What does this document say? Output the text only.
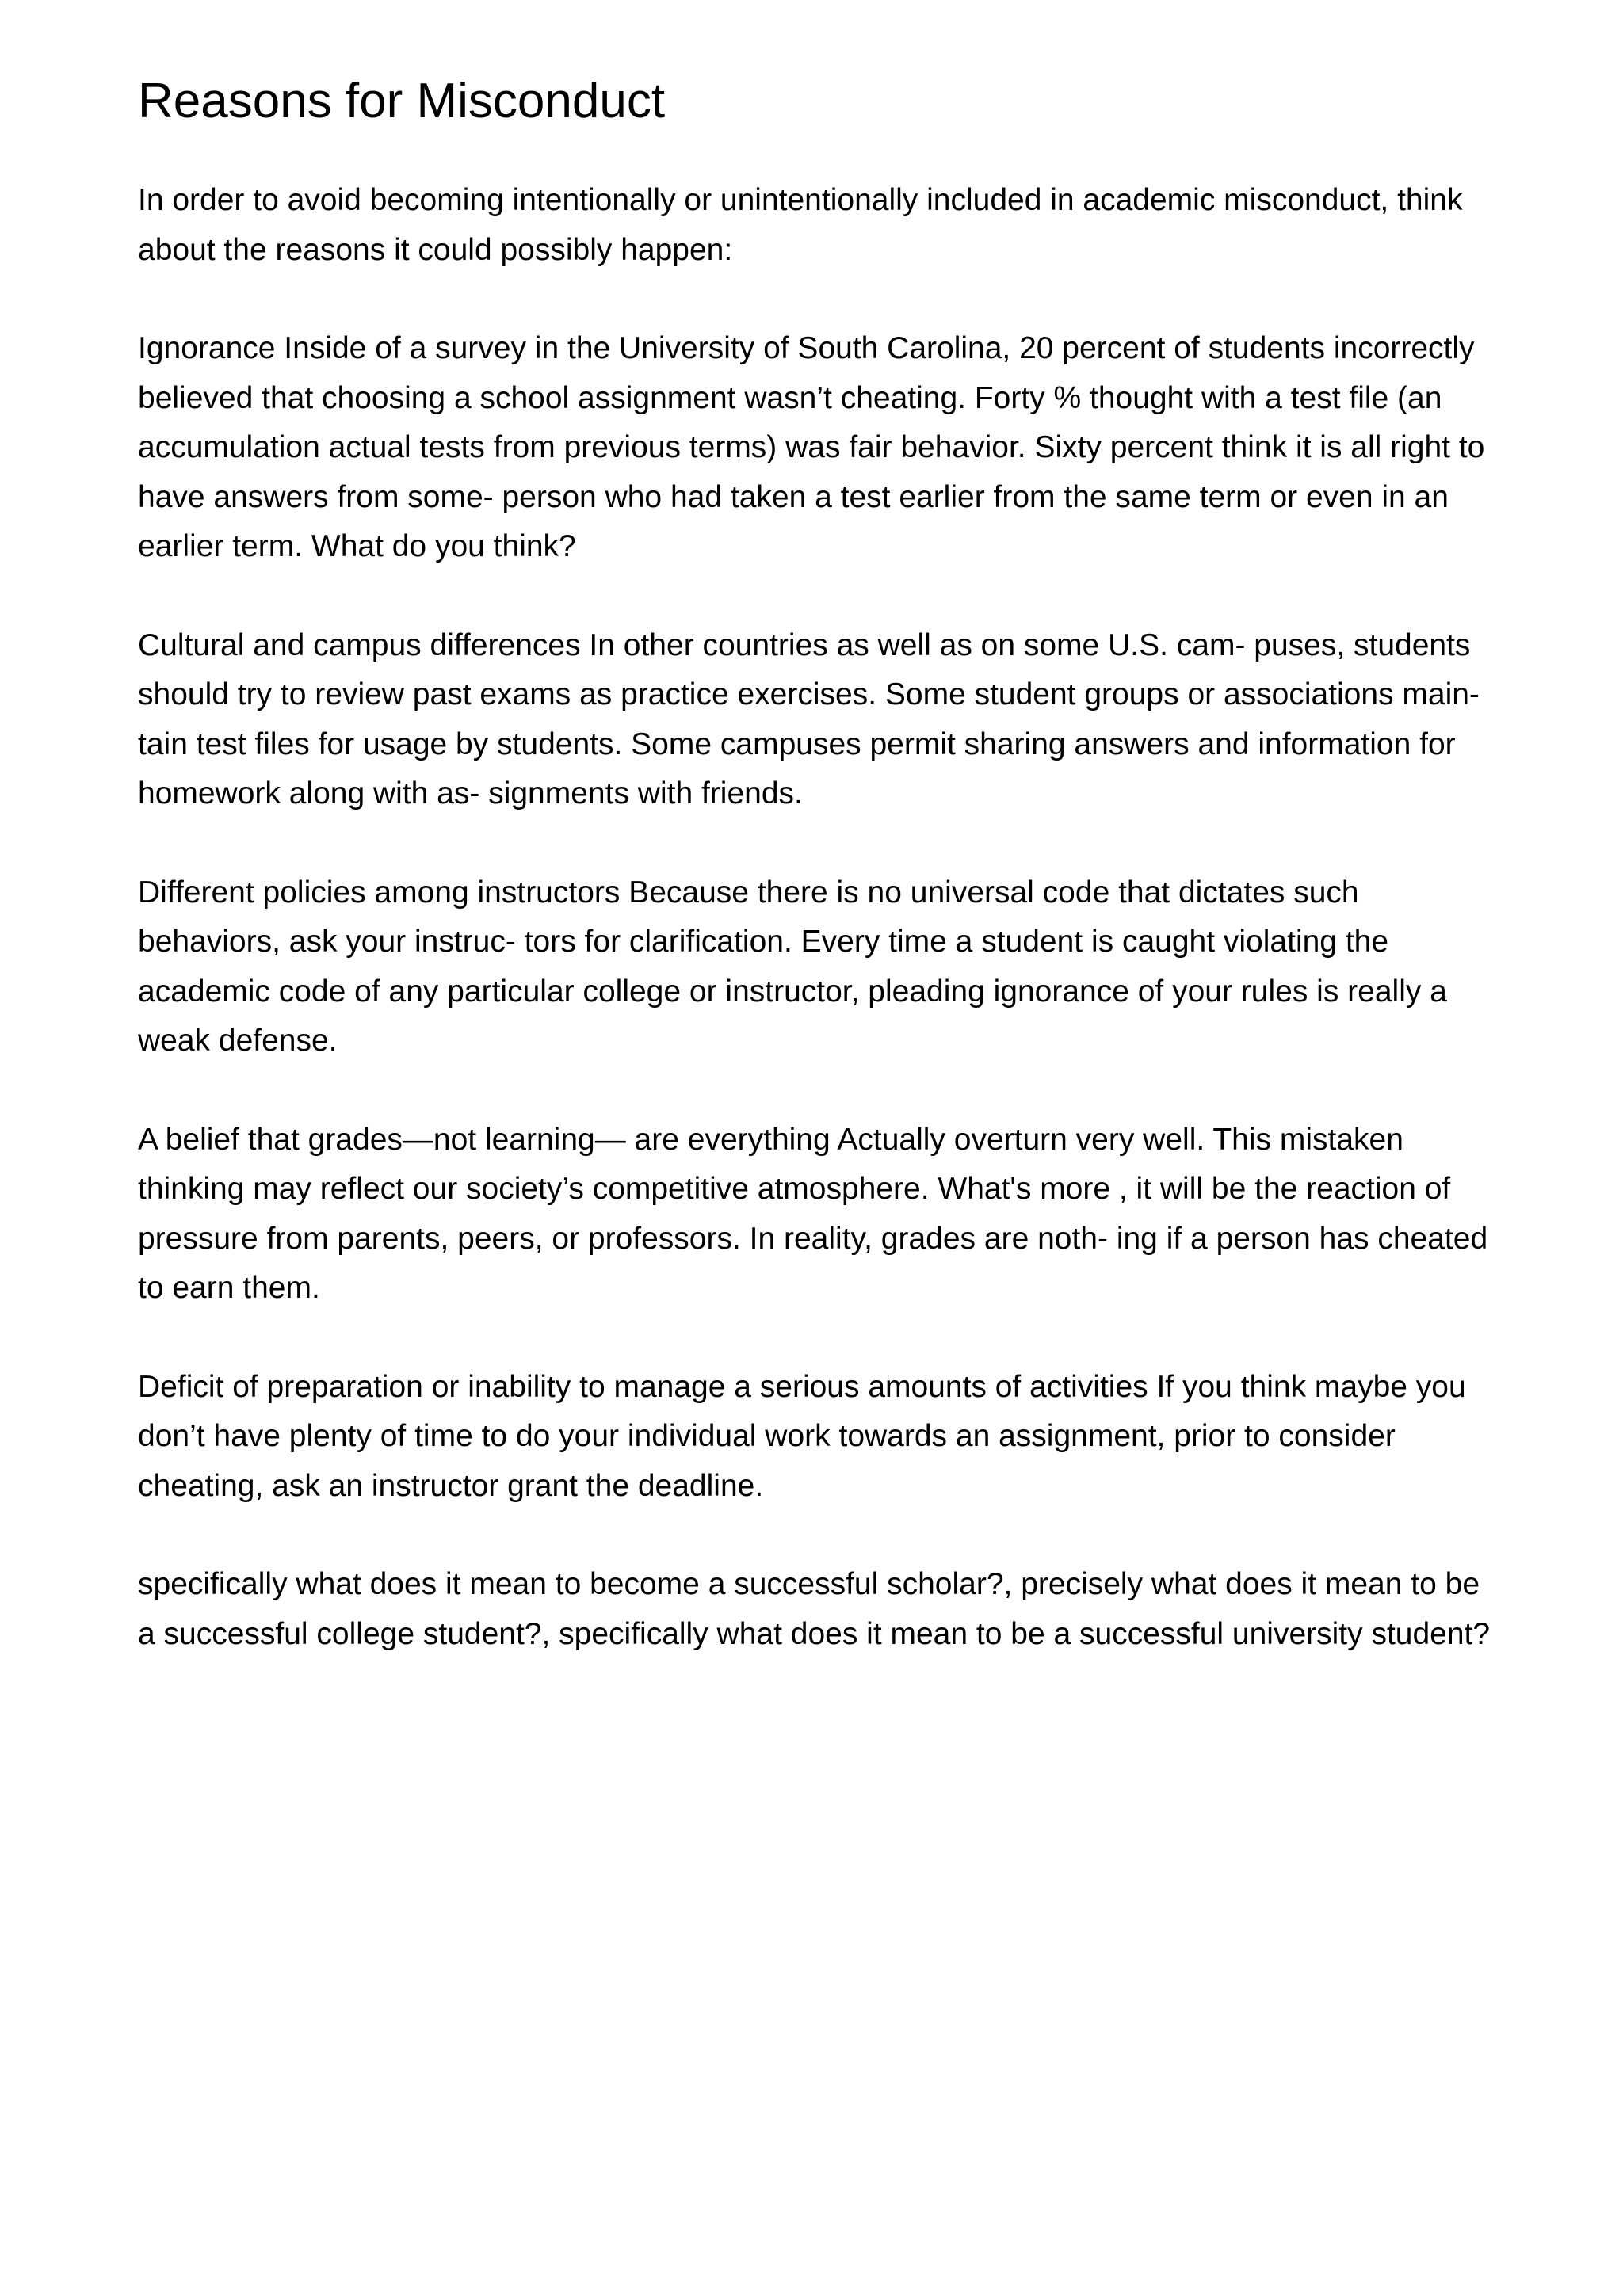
Reasons for Misconduct

In order to avoid becoming intentionally or unintentionally included in academic misconduct, think about the reasons it could possibly happen:

Ignorance Inside of a survey in the University of South Carolina, 20 percent of students incorrectly believed that choosing a school assignment wasn’t cheating. Forty % thought with a test file (an accumulation actual tests from previous terms) was fair behavior. Sixty percent think it is all right to have answers from some- person who had taken a test earlier from the same term or even in an earlier term. What do you think?

Cultural and campus differences In other countries as well as on some U.S. cam- puses, students should try to review past exams as practice exercises. Some student groups or associations main- tain test files for usage by students. Some campuses permit sharing answers and information for homework along with as- signments with friends.

Different policies among instructors Because there is no universal code that dictates such behaviors, ask your instruc- tors for clarification. Every time a student is caught violating the academic code of any particular college or instructor, pleading ignorance of your rules is really a weak defense.

A belief that grades—not learning— are everything Actually overturn very well. This mistaken thinking may reflect our society’s competitive atmosphere. What's more , it will be the reaction of pressure from parents, peers, or professors. In reality, grades are noth- ing if a person has cheated to earn them.

Deficit of preparation or inability to manage a serious amounts of activities If you think maybe you don’t have plenty of time to do your individual work towards an assignment, prior to consider cheating, ask an instructor grant the deadline.

specifically what does it mean to become a successful scholar?, precisely what does it mean to be a successful college student?, specifically what does it mean to be a successful university student?
